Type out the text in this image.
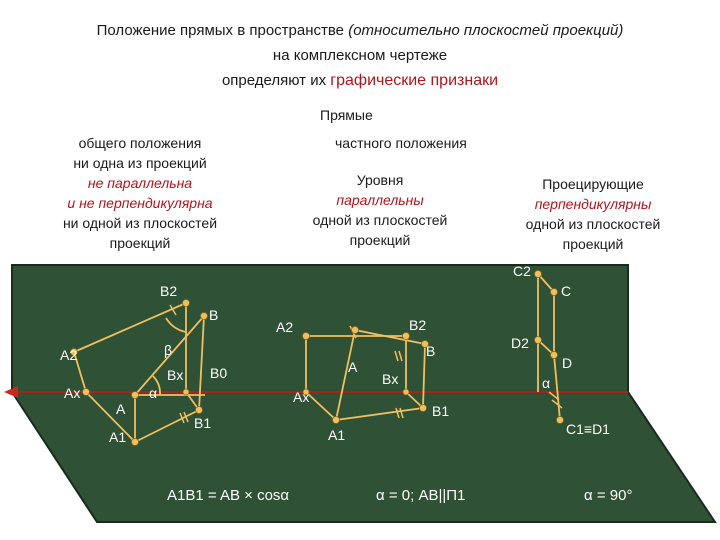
Положение прямых в пространстве (относительно плоскостей проекций)
на комплексном чертеже
определяют их графические признаки
Прямые
общего положения
ни одна из проекций
не параллельна
и не перпендикулярна
ни одной из плоскостей
проекций
частного положения
Уровня
параллельны
одной из плоскостей
проекций
Проецирующие
перпендикулярны
одной из плоскостей
проекций
B2
B
β
A2
Bx B0
Ax
A
α
A1
B1
A2	B2
B
A
Bx
Ax
A1
B1
C2
C
D2
D
α
C1≡D1
0
A1B1 = AB × cosα	α = 0; AB||П1	α = 90°
